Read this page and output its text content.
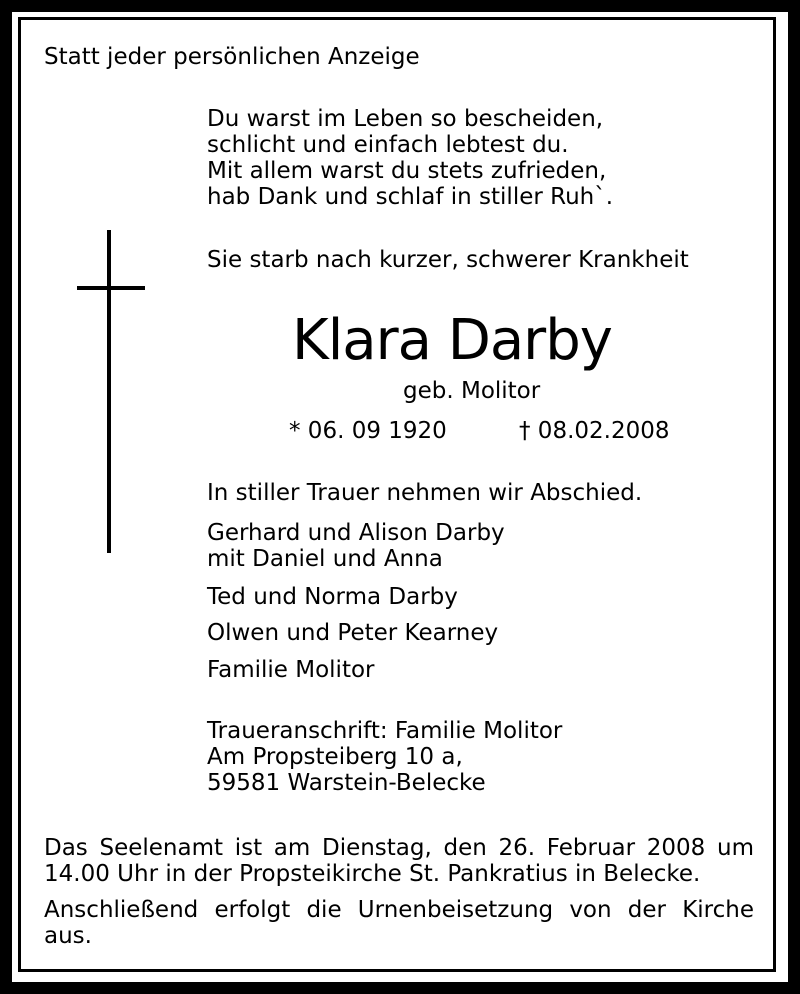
Statt jeder persönlichen Anzeige

Du warst im Leben so bescheiden,

schlicht und einfach lebtest du.

Mit allem warst du stets zufrieden,

hab Dank und schlaf in stiller Ruh`.

Sie starb nach kurzer, schwerer Krankheit

Klara Darby

geb. Molitor

* 06. 09 1920	† 08.02.2008

In stiller Trauer nehmen wir Abschied.

Gerhard und Alison Darby

mit Daniel und Anna

Ted und Norma Darby

Olwen und Peter Kearney

Familie Molitor

Traueranschrift: Familie Molitor

Am Propsteiberg 10 a,

59581 Warstein-Belecke

Das Seelenamt ist am Dienstag, den 26. Februar 2008 um

14.00 Uhr in der Propsteikirche St. Pankratius in Belecke.

Anschließend erfolgt die Urnenbeisetzung von der Kirche

aus.
